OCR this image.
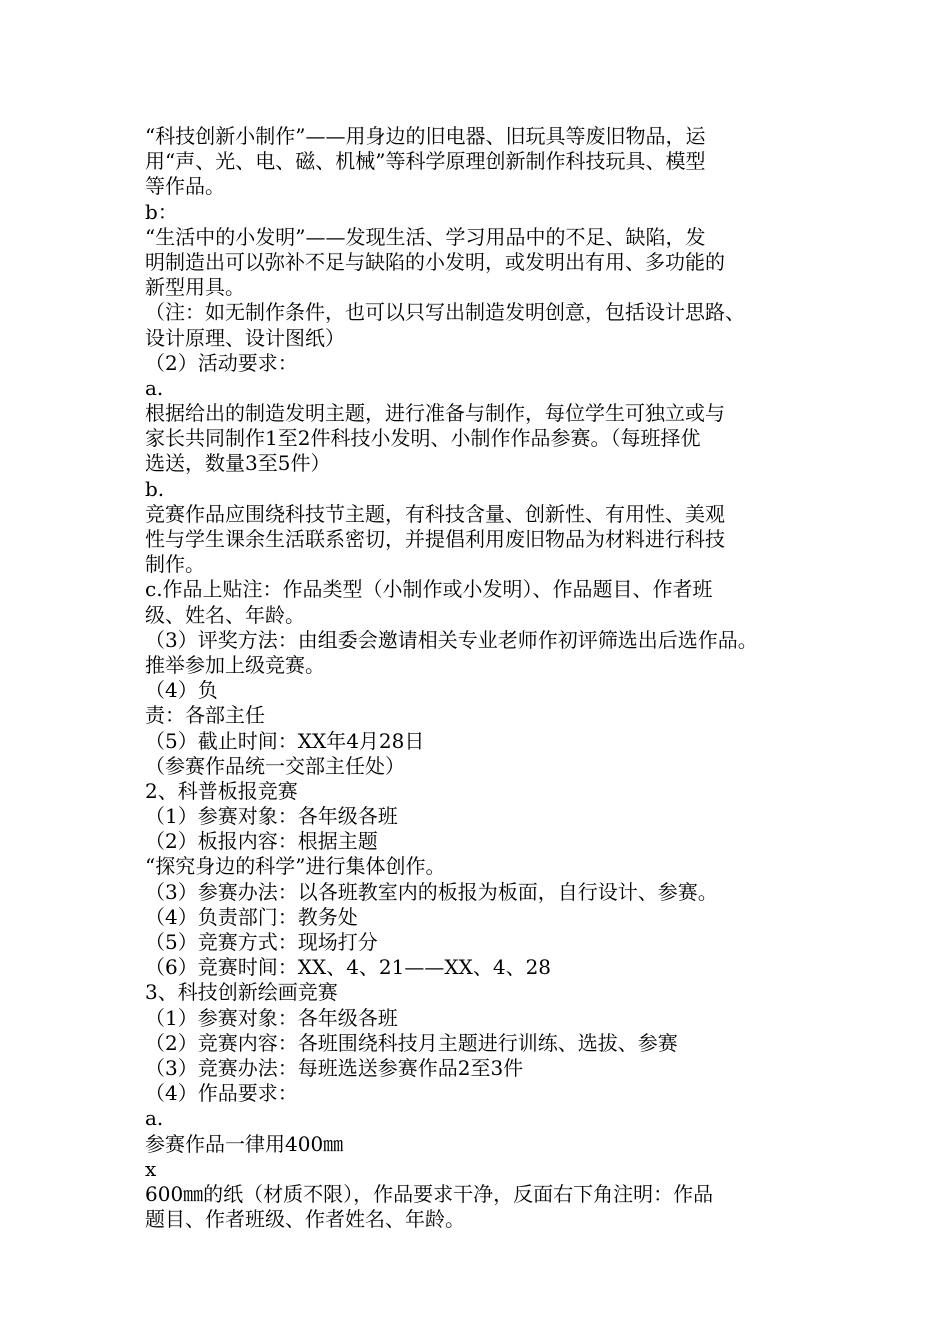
“科技创新小制作”——用身边的旧电器、旧玩具等废旧物品，运
用“声、光、电、磁、机械”等科学原理创新制作科技玩具、模型
等作品。
b：
“生活中的小发明”——发现生活、学习用品中的不足、缺陷，发
明制造出可以弥补不足与缺陷的小发明，或发明出有用、多功能的
新型用具。
（注：如无制作条件，也可以只写出制造发明创意，包括设计思路、
设计原理、设计图纸）
（2）活动要求：
a.
根据给出的制造发明主题，进行准备与制作，每位学生可独立或与
家长共同制作1至2件科技小发明、小制作作品参赛。（每班择优
选送，数量3至5件）
b.
竞赛作品应围绕科技节主题，有科技含量、创新性、有用性、美观
性与学生课余生活联系密切，并提倡利用废旧物品为材料进行科技
制作。
c.作品上贴注：作品类型（小制作或小发明）、作品题目、作者班
级、姓名、年龄。
（3）评奖方法：由组委会邀请相关专业老师作初评筛选出后选作品。
推举参加上级竞赛。
（4）负
责：各部主任
（5）截止时间：XX年4月28日
（参赛作品统一交部主任处）
2、科普板报竞赛
（1）参赛对象：各年级各班
（2）板报内容：根据主题
“探究身边的科学”进行集体创作。
（3）参赛办法：以各班教室内的板报为板面，自行设计、参赛。
（4）负责部门：教务处
（5）竞赛方式：现场打分
（6）竞赛时间：XX、4、21——XX、4、28
3、科技创新绘画竞赛
（1）参赛对象：各年级各班
（2）竞赛内容：各班围绕科技月主题进行训练、选拔、参赛
（3）竞赛办法：每班选送参赛作品2至3件
（4）作品要求：
a.
参赛作品一律用400㎜
x
600㎜的纸（材质不限），作品要求干净，反面右下角注明：作品
题目、作者班级、作者姓名、年龄。
